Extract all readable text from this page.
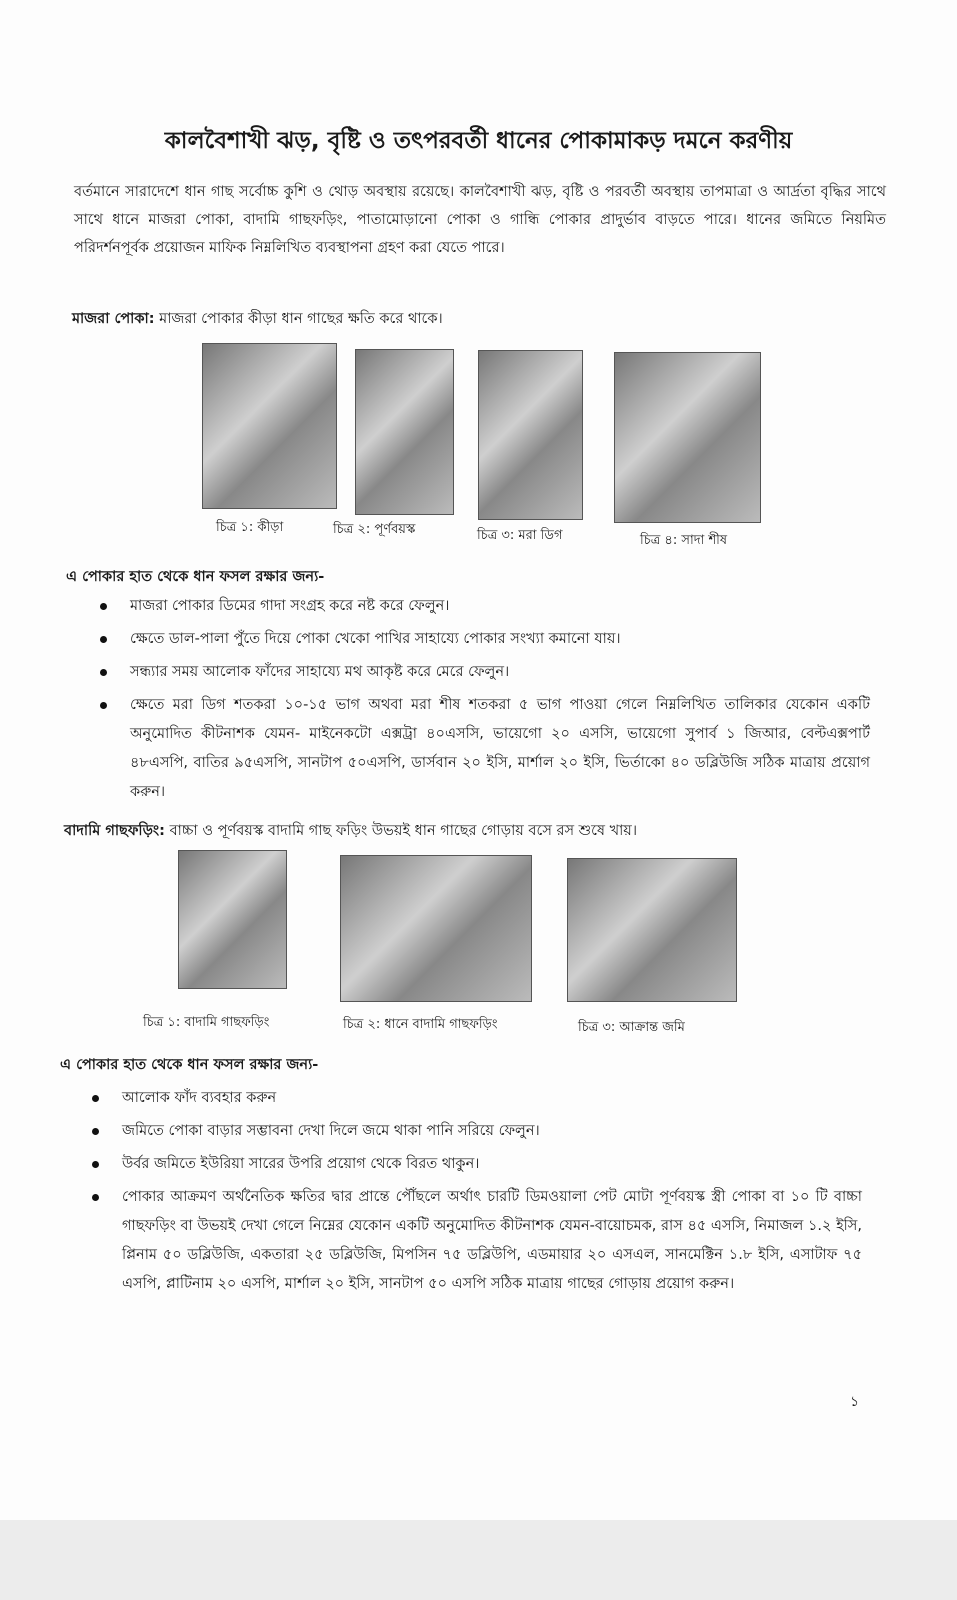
কালবৈশাখী ঝড়, বৃষ্টি ও তৎপরবর্তী ধানের পোকামাকড় দমনে করণীয়
বর্তমানে সারাদেশে ধান গাছ সর্বোচ্চ কুশি ও থোড় অবস্থায় রয়েছে। কালবৈশাখী ঝড়, বৃষ্টি ও পরবর্তী অবস্থায় তাপমাত্রা ও আর্দ্রতা বৃদ্ধির সাথে সাথে ধানে মাজরা পোকা, বাদামি গাছফড়িং, পাতামোড়ানো পোকা ও গান্ধি পোকার প্রাদুর্ভাব বাড়তে পারে। ধানের জমিতে নিয়মিত পরিদর্শনপূর্বক প্রয়োজন মাফিক নিম্নলিখিত ব্যবস্থাপনা গ্রহণ করা যেতে পারে।
মাজরা পোকা: মাজরা পোকার কীড়া ধান গাছের ক্ষতি করে থাকে।
চিত্র ১: কীড়া	চিত্র ২: পূর্ণবয়স্ক	চিত্র ৩: মরা ডিগ	চিত্র ৪: সাদা শীষ
এ পোকার হাত থেকে ধান ফসল রক্ষার জন্য-
মাজরা পোকার ডিমের গাদা সংগ্রহ করে নষ্ট করে ফেলুন।
ক্ষেতে ডাল-পালা পুঁতে দিয়ে পোকা খেকো পাখির সাহায্যে পোকার সংখ্যা কমানো যায়।
সন্ধ্যার সময় আলোক ফাঁদের সাহায্যে মথ আকৃষ্ট করে মেরে ফেলুন।
ক্ষেতে মরা ডিগ শতকরা ১০-১৫ ভাগ অথবা মরা শীষ শতকরা ৫ ভাগ পাওয়া গেলে নিম্নলিখিত তালিকার যেকোন একটি অনুমোদিত কীটনাশক যেমন- মাইনেকটো এক্সট্রা ৪০এসসি, ভায়েগো ২০ এসসি, ভায়েগো সুপার্ব ১ জিআর, বেল্টএক্সপার্ট ৪৮এসপি, বাতির ৯৫এসপি, সানটাপ ৫০এসপি, ডার্সবান ২০ ইসি, মার্শাল ২০ ইসি, ভির্তাকো ৪০ ডব্লিউজি সঠিক মাত্রায় প্রয়োগ করুন।
বাদামি গাছফড়িং: বাচ্চা ও পূর্ণবয়স্ক বাদামি গাছ ফড়িং উভয়ই ধান গাছের গোড়ায় বসে রস শুষে খায়।
চিত্র ১: বাদামি গাছফড়িং	চিত্র ২: ধানে বাদামি গাছফড়িং	চিত্র ৩: আক্রান্ত জমি
এ পোকার হাত থেকে ধান ফসল রক্ষার জন্য-
আলোক ফাঁদ ব্যবহার করুন
জমিতে পোকা বাড়ার সম্ভাবনা দেখা দিলে জমে থাকা পানি সরিয়ে ফেলুন।
উর্বর জমিতে ইউরিয়া সারের উপরি প্রয়োগ থেকে বিরত থাকুন।
পোকার আক্রমণ অর্থনৈতিক ক্ষতির দ্বার প্রান্তে পৌঁছলে অর্থাৎ চারটি ডিমওয়ালা পেট মোটা পূর্ণবয়স্ক স্ত্রী পোকা বা ১০ টি বাচ্চা গাছফড়িং বা উভয়ই দেখা গেলে নিম্নের যেকোন একটি অনুমোদিত কীটনাশক যেমন-বায়োচমক, রাস ৪৫ এসসি, নিমাজল ১.২ ইসি, প্লিনাম ৫০ ডব্লিউজি, একতারা ২৫ ডব্লিউজি, মিপসিন ৭৫ ডব্লিউপি, এডমায়ার ২০ এসএল, সানমেক্টিন ১.৮ ইসি, এসাটাফ ৭৫ এসপি, প্লাটিনাম ২০ এসপি, মার্শাল ২০ ইসি, সানটাপ ৫০ এসপি সঠিক মাত্রায় গাছের গোড়ায় প্রয়োগ করুন।
১
